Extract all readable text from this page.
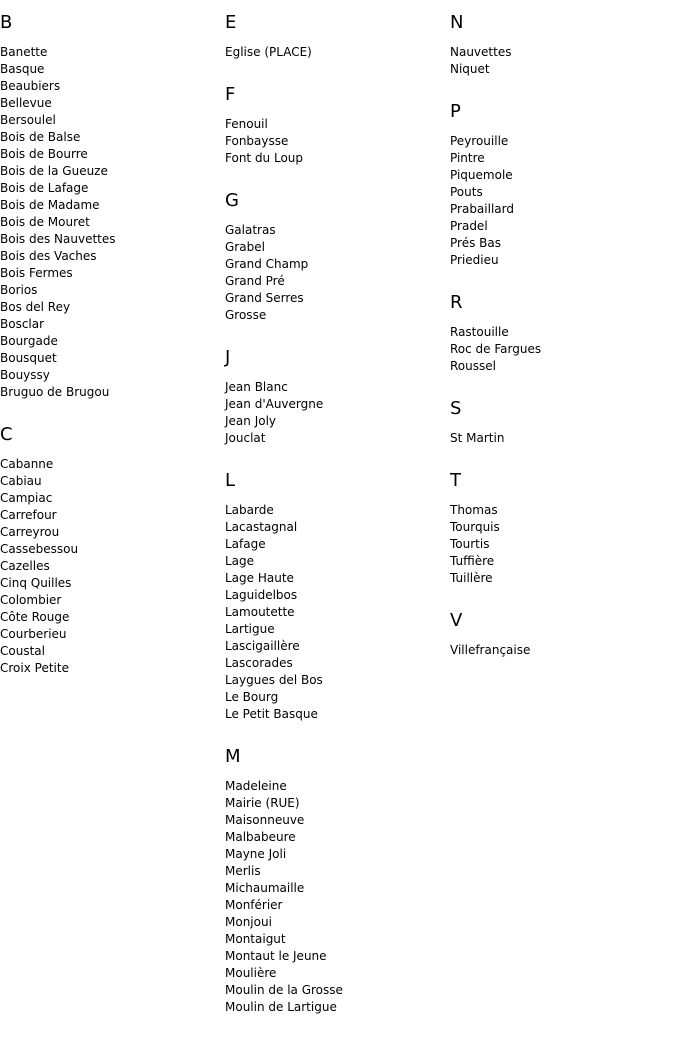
B
Banette
Basque
Beaubiers
Bellevue
Bersoulel
Bois de Balse
Bois de Bourre
Bois de la Gueuze
Bois de Lafage
Bois de Madame
Bois de Mouret
Bois des Nauvettes
Bois des Vaches
Bois Fermes
Borios
Bos del Rey
Bosclar
Bourgade
Bousquet
Bouyssy
Bruguo de Brugou
C
Cabanne
Cabiau
Campiac
Carrefour
Carreyrou
Cassebessou
Cazelles
Cinq Quilles
Colombier
Côte Rouge
Courberieu
Coustal
Croix Petite
E
Eglise (PLACE)
F
Fenouil
Fonbaysse
Font du Loup
G
Galatras
Grabel
Grand Champ
Grand Pré
Grand Serres
Grosse
J
Jean Blanc
Jean d'Auvergne
Jean Joly
Jouclat
L
Labarde
Lacastagnal
Lafage
Lage
Lage Haute
Laguidelbos
Lamoutette
Lartigue
Lascigaillère
Lascorades
Laygues del Bos
Le Bourg
Le Petit Basque
M
Madeleine
Mairie (RUE)
Maisonneuve
Malbabeure
Mayne Joli
Merlis
Michaumaille
Monférier
Monjoui
Montaigut
Montaut le Jeune
Moulière
Moulin de la Grosse
Moulin de Lartigue
N
Nauvettes
Niquet
P
Peyrouille
Pintre
Piquemole
Pouts
Prabaillard
Pradel
Prés Bas
Priedieu
R
Rastouille
Roc de Fargues
Roussel
S
St Martin
T
Thomas
Tourquis
Tourtis
Tuffière
Tuillère
V
Villefrançaise
